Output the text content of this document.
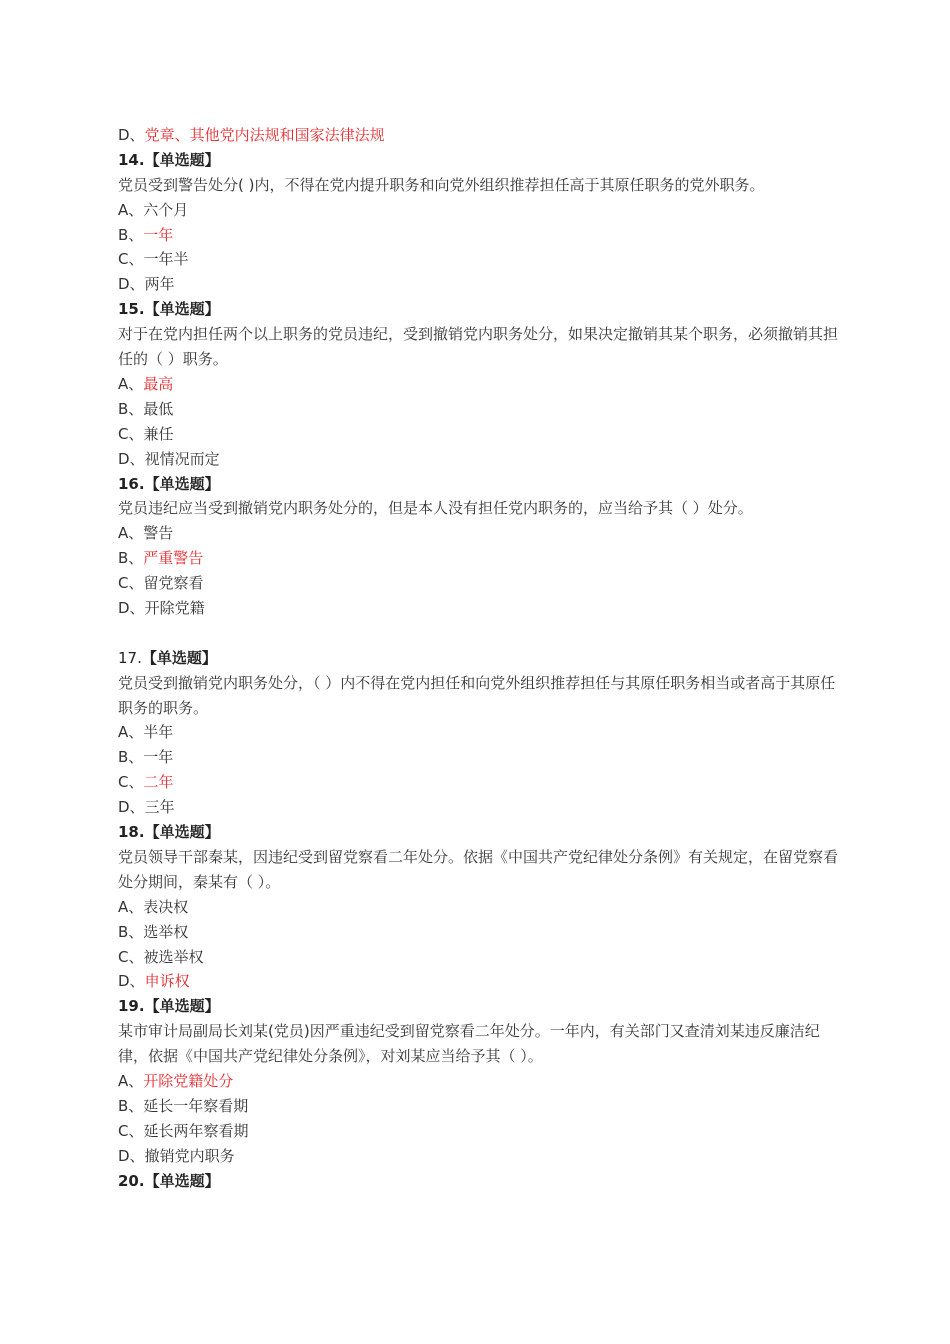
D、党章、其他党内法规和国家法律法规
14.【单选题】
党员受到警告处分( )内，不得在党内提升职务和向党外组织推荐担任高于其原任职务的党外职务。
A、六个月
B、一年
C、一年半
D、两年
15.【单选题】
对于在党内担任两个以上职务的党员违纪，受到撤销党内职务处分，如果决定撤销其某个职务，必须撤销其担任的（ ）职务。
A、最高
B、最低
C、兼任
D、视情况而定
16.【单选题】
党员违纪应当受到撤销党内职务处分的，但是本人没有担任党内职务的，应当给予其（ ）处分。
A、警告
B、严重警告
C、留党察看
D、开除党籍
17.【单选题】
党员受到撤销党内职务处分，（ ）内不得在党内担任和向党外组织推荐担任与其原任职务相当或者高于其原任职务的职务。
A、半年
B、一年
C、二年
D、三年
18.【单选题】
党员领导干部秦某，因违纪受到留党察看二年处分。依据《中国共产党纪律处分条例》有关规定，在留党察看处分期间，秦某有（ ）。
A、表决权
B、选举权
C、被选举权
D、申诉权
19.【单选题】
某市审计局副局长刘某(党员)因严重违纪受到留党察看二年处分。一年内，有关部门又查清刘某违反廉洁纪律，依据《中国共产党纪律处分条例》，对刘某应当给予其（ ）。
A、开除党籍处分
B、延长一年察看期
C、延长两年察看期
D、撤销党内职务
20.【单选题】
